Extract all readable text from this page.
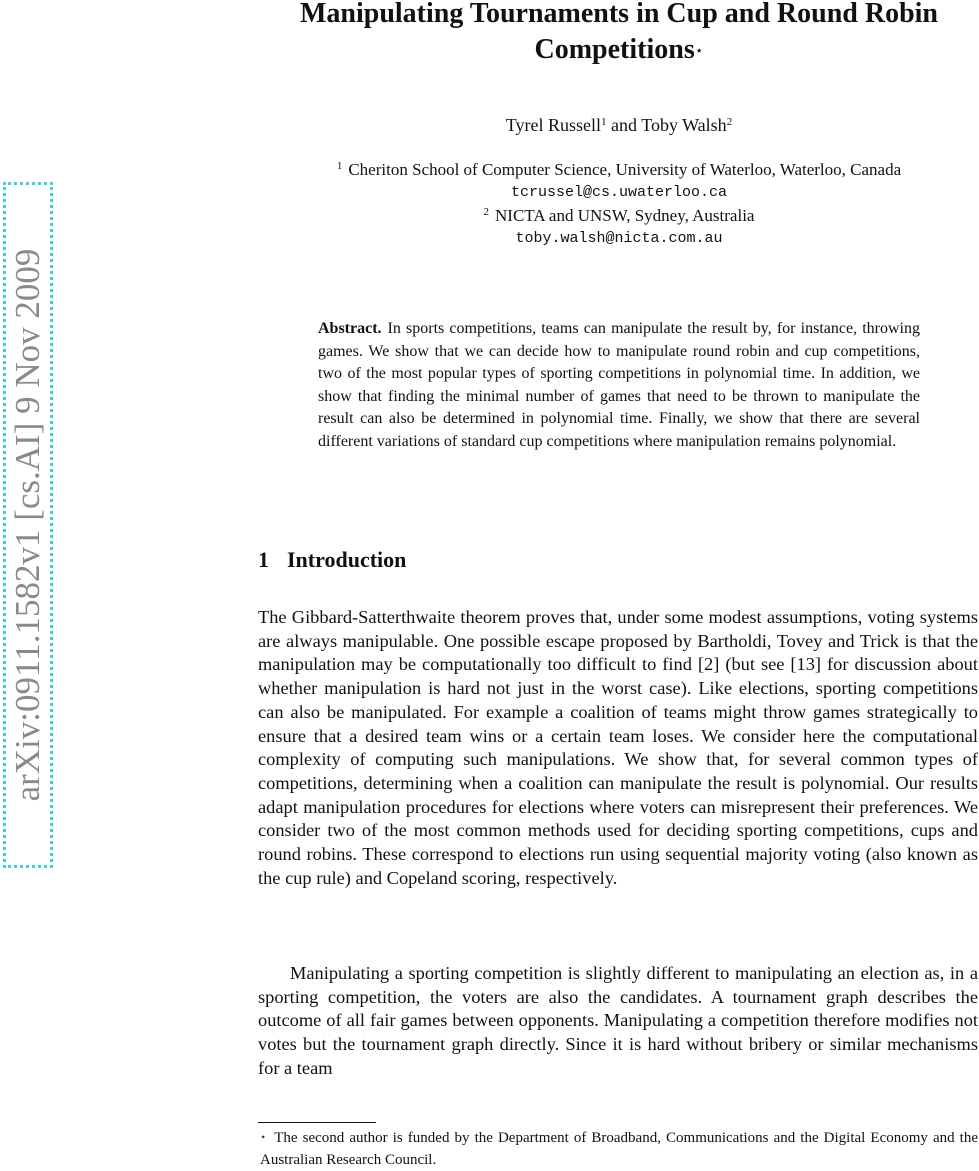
arXiv:0911.1582v1 [cs.AI] 9 Nov 2009
Manipulating Tournaments in Cup and Round Robin Competitions⋆
Tyrel Russell$^1$ and Toby Walsh$^2$
$^1$ Cheriton School of Computer Science, University of Waterloo, Waterloo, Canada
tcrussel@cs.uwaterloo.ca
$^2$ NICTA and UNSW, Sydney, Australia
toby.walsh@nicta.com.au
Abstract. In sports competitions, teams can manipulate the result by, for instance, throwing games. We show that we can decide how to manipulate round robin and cup competitions, two of the most popular types of sporting competitions in polynomial time. In addition, we show that finding the minimal number of games that need to be thrown to manipulate the result can also be determined in polynomial time. Finally, we show that there are several different variations of standard cup competitions where manipulation remains polynomial.
1 Introduction
The Gibbard-Satterthwaite theorem proves that, under some modest assumptions, voting systems are always manipulable. One possible escape proposed by Bartholdi, Tovey and Trick is that the manipulation may be computationally too difficult to find [2] (but see [13] for discussion about whether manipulation is hard not just in the worst case). Like elections, sporting competitions can also be manipulated. For example a coalition of teams might throw games strategically to ensure that a desired team wins or a certain team loses. We consider here the computational complexity of computing such manipulations. We show that, for several common types of competitions, determining when a coalition can manipulate the result is polynomial. Our results adapt manipulation procedures for elections where voters can misrepresent their preferences. We consider two of the most common methods used for deciding sporting competitions, cups and round robins. These correspond to elections run using sequential majority voting (also known as the cup rule) and Copeland scoring, respectively.
Manipulating a sporting competition is slightly different to manipulating an election as, in a sporting competition, the voters are also the candidates. A tournament graph describes the outcome of all fair games between opponents. Manipulating a competition therefore modifies not votes but the tournament graph directly. Since it is hard without bribery or similar mechanisms for a team
⋆ The second author is funded by the Department of Broadband, Communications and the Digital Economy and the Australian Research Council.
